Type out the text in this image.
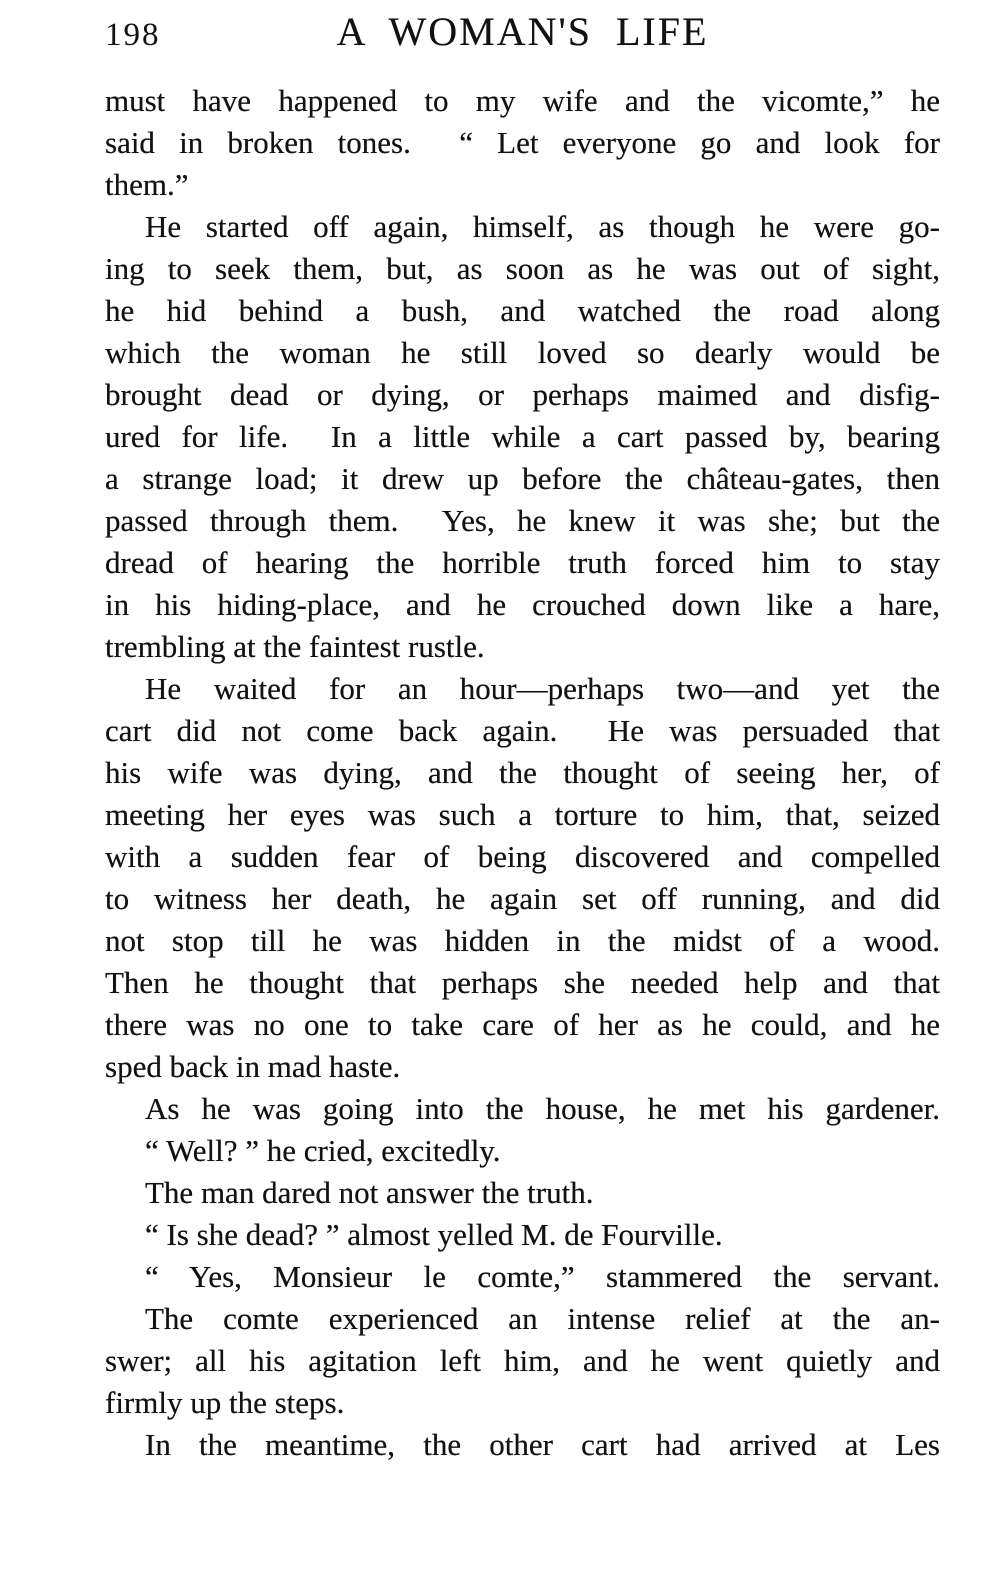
198	A WOMAN'S LIFE
must have happened to my wife and the vicomte,” he
said in broken tones.  “ Let everyone go and look for
them.”
He started off again, himself, as though he were go-
ing to seek them, but, as soon as he was out of sight,
he hid behind a bush, and watched the road along
which the woman he still loved so dearly would be
brought dead or dying, or perhaps maimed and disfig-
ured for life.  In a little while a cart passed by, bearing
a strange load; it drew up before the château-gates, then
passed through them.  Yes, he knew it was she; but the
dread of hearing the horrible truth forced him to stay
in his hiding-place, and he crouched down like a hare,
trembling at the faintest rustle.
He waited for an hour—perhaps two—and yet the
cart did not come back again.  He was persuaded that
his wife was dying, and the thought of seeing her, of
meeting her eyes was such a torture to him, that, seized
with a sudden fear of being discovered and compelled
to witness her death, he again set off running, and did
not stop till he was hidden in the midst of a wood.
Then he thought that perhaps she needed help and that
there was no one to take care of her as he could, and he
sped back in mad haste.
As he was going into the house, he met his gardener.
“ Well? ” he cried, excitedly.
The man dared not answer the truth.
“ Is she dead? ” almost yelled M. de Fourville.
“ Yes, Monsieur le comte,” stammered the servant.
The comte experienced an intense relief at the an-
swer; all his agitation left him, and he went quietly and
firmly up the steps.
In the meantime, the other cart had arrived at Les
